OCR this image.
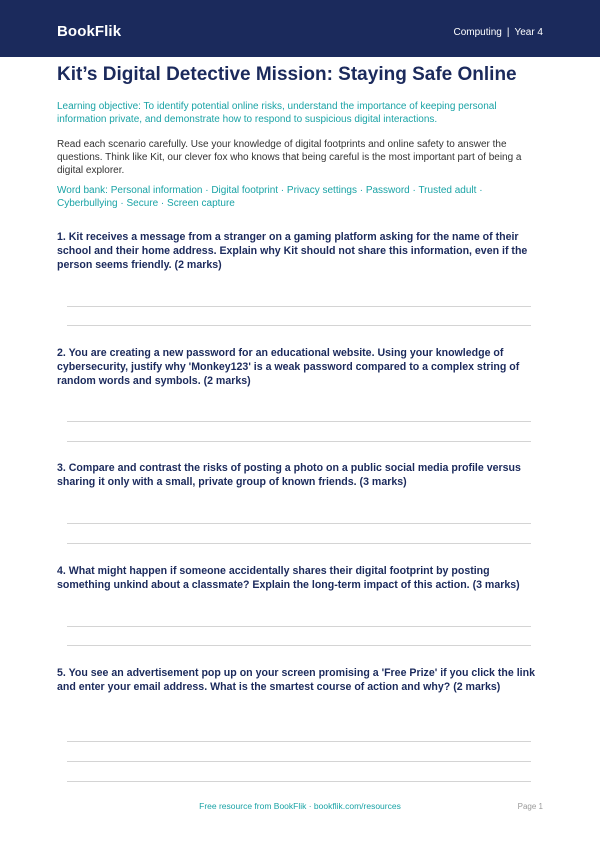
BookFlik	Computing | Year 4
Kit’s Digital Detective Mission: Staying Safe Online

Learning objective: To identify potential online risks, understand the importance of keeping personal information private, and demonstrate how to respond to suspicious digital interactions.

Read each scenario carefully. Use your knowledge of digital footprints and online safety to answer the questions. Think like Kit, our clever fox who knows that being careful is the most important part of being a digital explorer.

Word bank: Personal information · Digital footprint · Privacy settings · Password · Trusted adult · Cyberbullying · Secure · Screen capture

1. Kit receives a message from a stranger on a gaming platform asking for the name of their school and their home address. Explain why Kit should not share this information, even if the person seems friendly. (2 marks)

2. You are creating a new password for an educational website. Using your knowledge of cybersecurity, justify why 'Monkey123' is a weak password compared to a complex string of random words and symbols. (2 marks)

3. Compare and contrast the risks of posting a photo on a public social media profile versus sharing it only with a small, private group of known friends. (3 marks)

4. What might happen if someone accidentally shares their digital footprint by posting something unkind about a classmate? Explain the long-term impact of this action. (3 marks)

5. You see an advertisement pop up on your screen promising a 'Free Prize' if you click the link and enter your email address. What is the smartest course of action and why? (2 marks)

Free resource from BookFlik · bookflik.com/resources	Page 1
